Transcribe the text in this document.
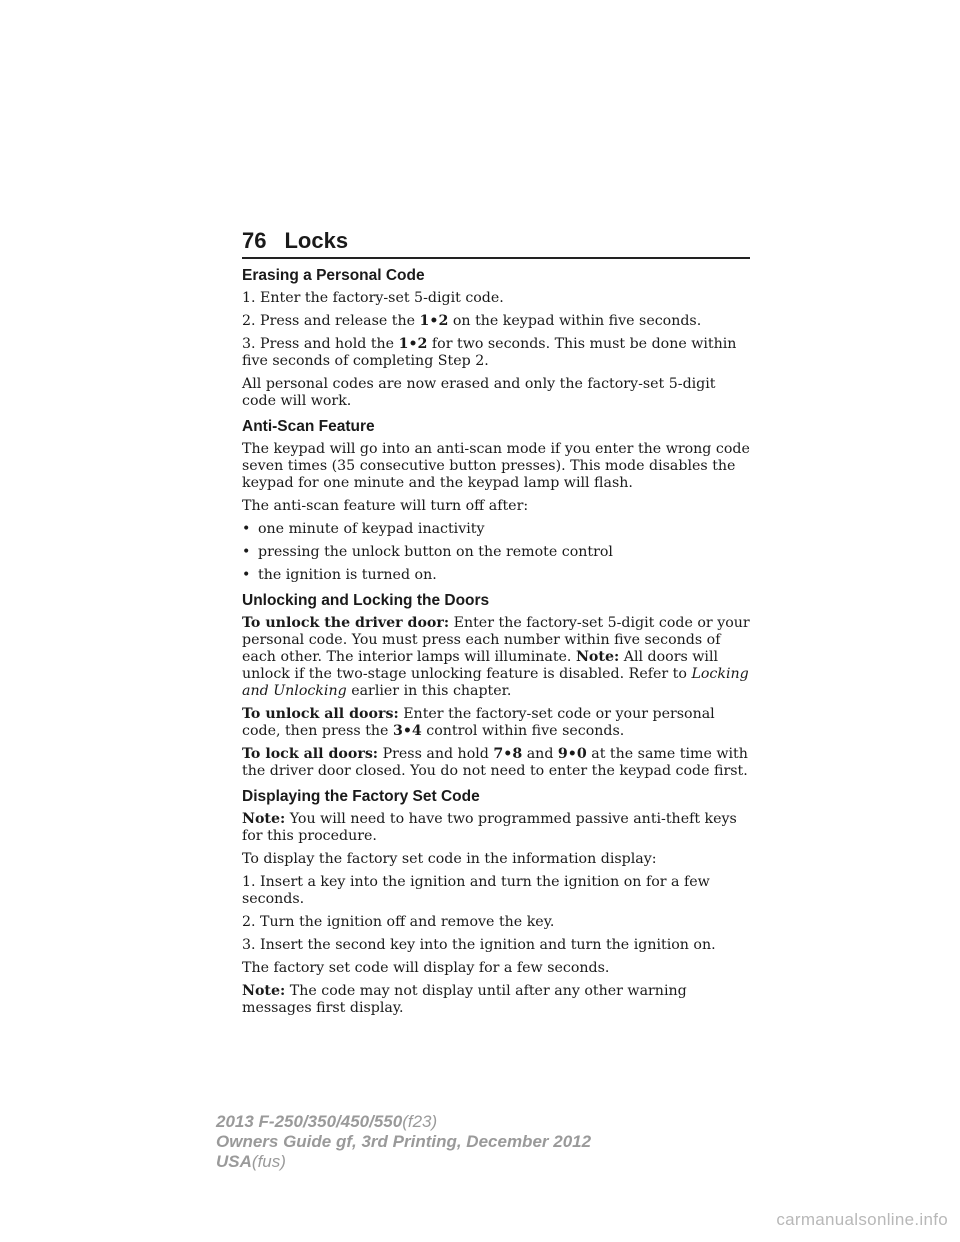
76 Locks
Erasing a Personal Code

1. Enter the factory-set 5-digit code.

2. Press and release the 1•2 on the keypad within five seconds.

3. Press and hold the 1•2 for two seconds. This must be done within five seconds of completing Step 2.

All personal codes are now erased and only the factory-set 5-digit code will work.

Anti-Scan Feature

The keypad will go into an anti-scan mode if you enter the wrong code seven times (35 consecutive button presses). This mode disables the keypad for one minute and the keypad lamp will flash.

The anti-scan feature will turn off after:

• one minute of keypad inactivity
• pressing the unlock button on the remote control
• the ignition is turned on.
Unlocking and Locking the Doors

To unlock the driver door: Enter the factory-set 5-digit code or your personal code. You must press each number within five seconds of each other. The interior lamps will illuminate. Note: All doors will unlock if the two-stage unlocking feature is disabled. Refer to Locking and Unlocking earlier in this chapter.

To unlock all doors: Enter the factory-set code or your personal code, then press the 3•4 control within five seconds.

To lock all doors: Press and hold 7•8 and 9•0 at the same time with the driver door closed. You do not need to enter the keypad code first.

Displaying the Factory Set Code

Note: You will need to have two programmed passive anti-theft keys for this procedure.

To display the factory set code in the information display:

1. Insert a key into the ignition and turn the ignition on for a few seconds.

2. Turn the ignition off and remove the key.

3. Insert the second key into the ignition and turn the ignition on.

The factory set code will display for a few seconds.

Note: The code may not display until after any other warning messages first display.

2013 F-250/350/450/550(f23)
Owners Guide gf, 3rd Printing, December 2012
USA(fus)
carmanualsonline.info
